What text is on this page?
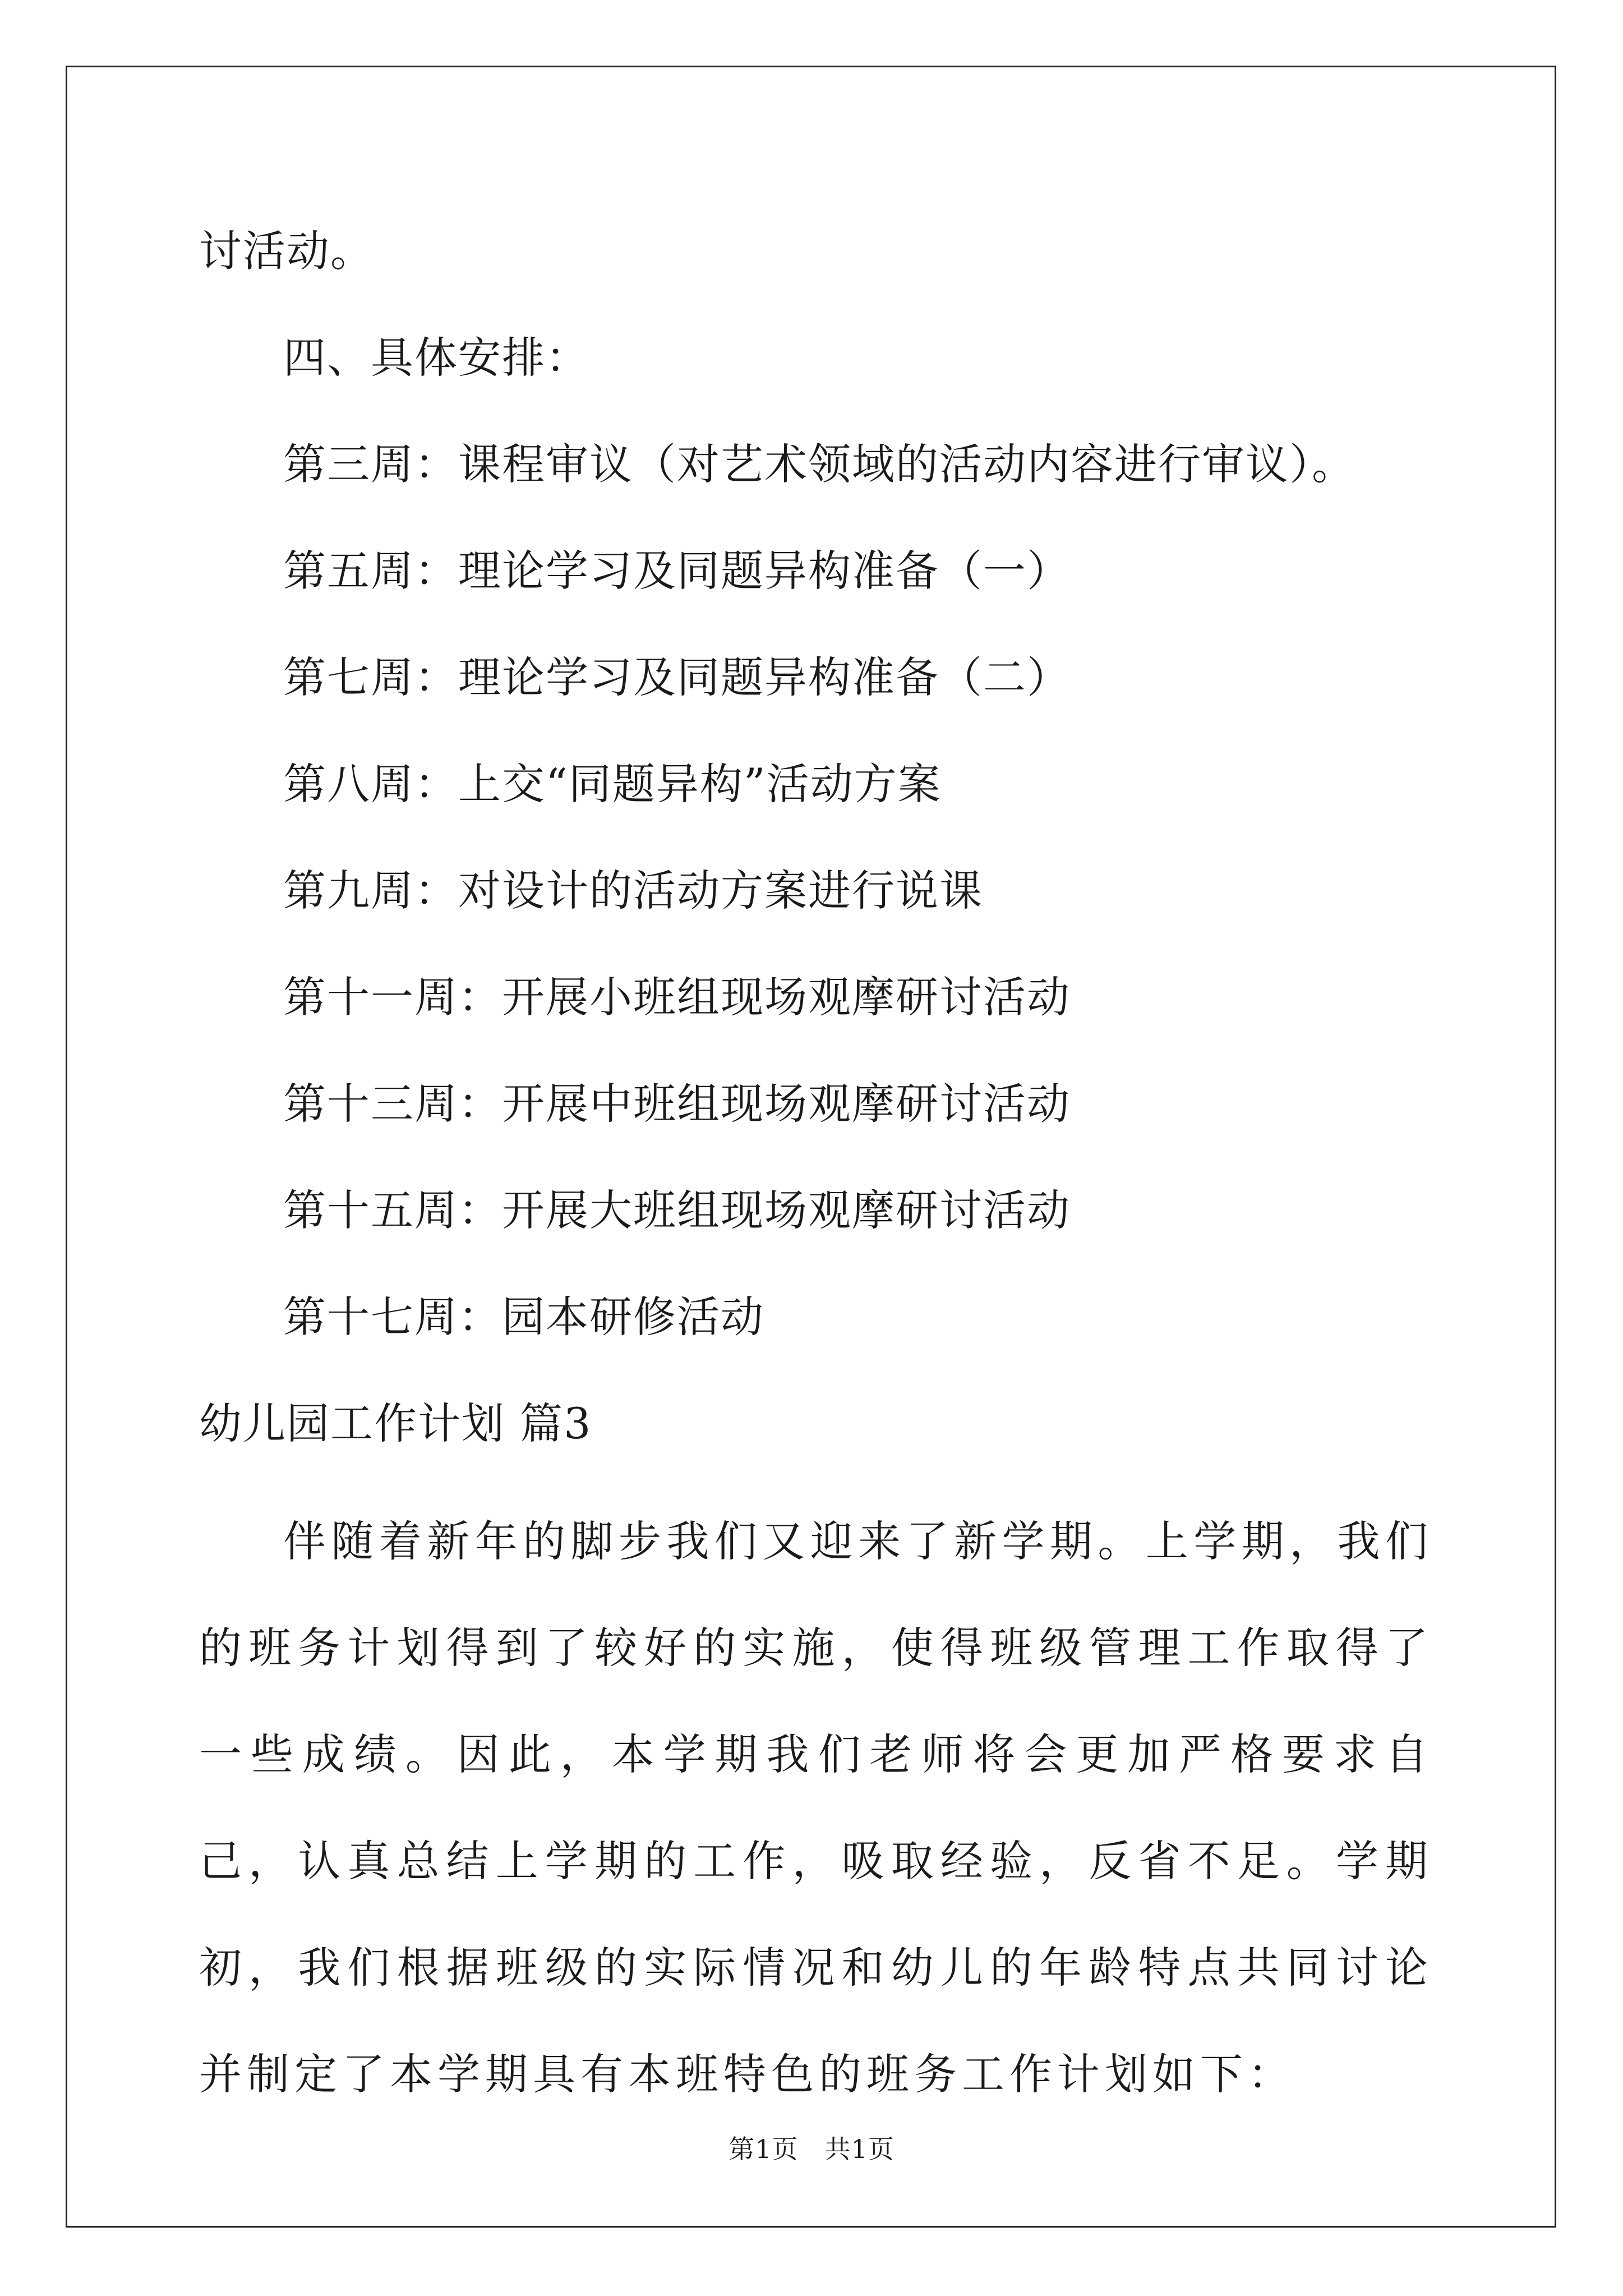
讨活动。
四、具体安排：
第三周：课程审议（对艺术领域的活动内容进行审议）。
第五周：理论学习及同题异构准备（一）
第七周：理论学习及同题异构准备（二）
第八周：上交“同题异构”活动方案
第九周：对设计的活动方案进行说课
第十一周：开展小班组现场观摩研讨活动
第十三周：开展中班组现场观摩研讨活动
第十五周：开展大班组现场观摩研讨活动
第十七周：园本研修活动
幼儿园工作计划 篇3

伴随着新年的脚步我们又迎来了新学期。上学期，我们的班务计划得到了较好的实施，使得班级管理工作取得了一些成绩。因此，本学期我们老师将会更加严格要求自己，认真总结上学期的工作，吸取经验，反省不足。学期初，我们根据班级的实际情况和幼儿的年龄特点共同讨论并制定了本学期具有本班特色的班务工作计划如下：

第1页　共1页
